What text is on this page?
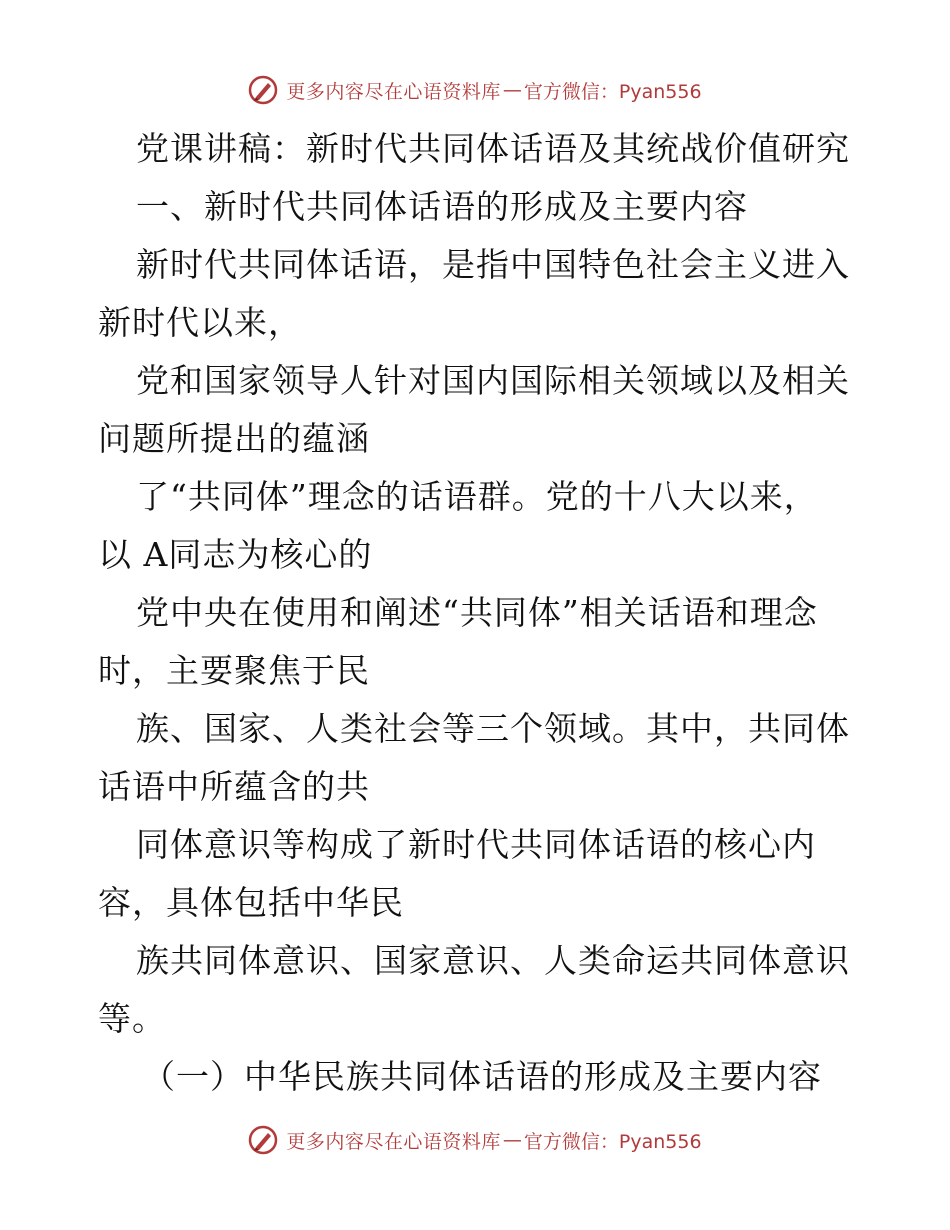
更多内容尽在心语资料库 — 官方微信：Pyan556
党课讲稿：新时代共同体话语及其统战价值研究
一、新时代共同体话语的形成及主要内容
新时代共同体话语，是指中国特色社会主义进入
新时代以来，
党和国家领导人针对国内国际相关领域以及相关
问题所提出的蕴涵
了“共同体”理念的话语群。党的十八大以来，
以 A同志为核心的
党中央在使用和阐述“共同体”相关话语和理念
时，主要聚焦于民
族、国家、人类社会等三个领域。其中，共同体
话语中所蕴含的共
同体意识等构成了新时代共同体话语的核心内
容，具体包括中华民
族共同体意识、国家意识、人类命运共同体意识
等。
（一）中华民族共同体话语的形成及主要内容
更多内容尽在心语资料库 — 官方微信：Pyan556
